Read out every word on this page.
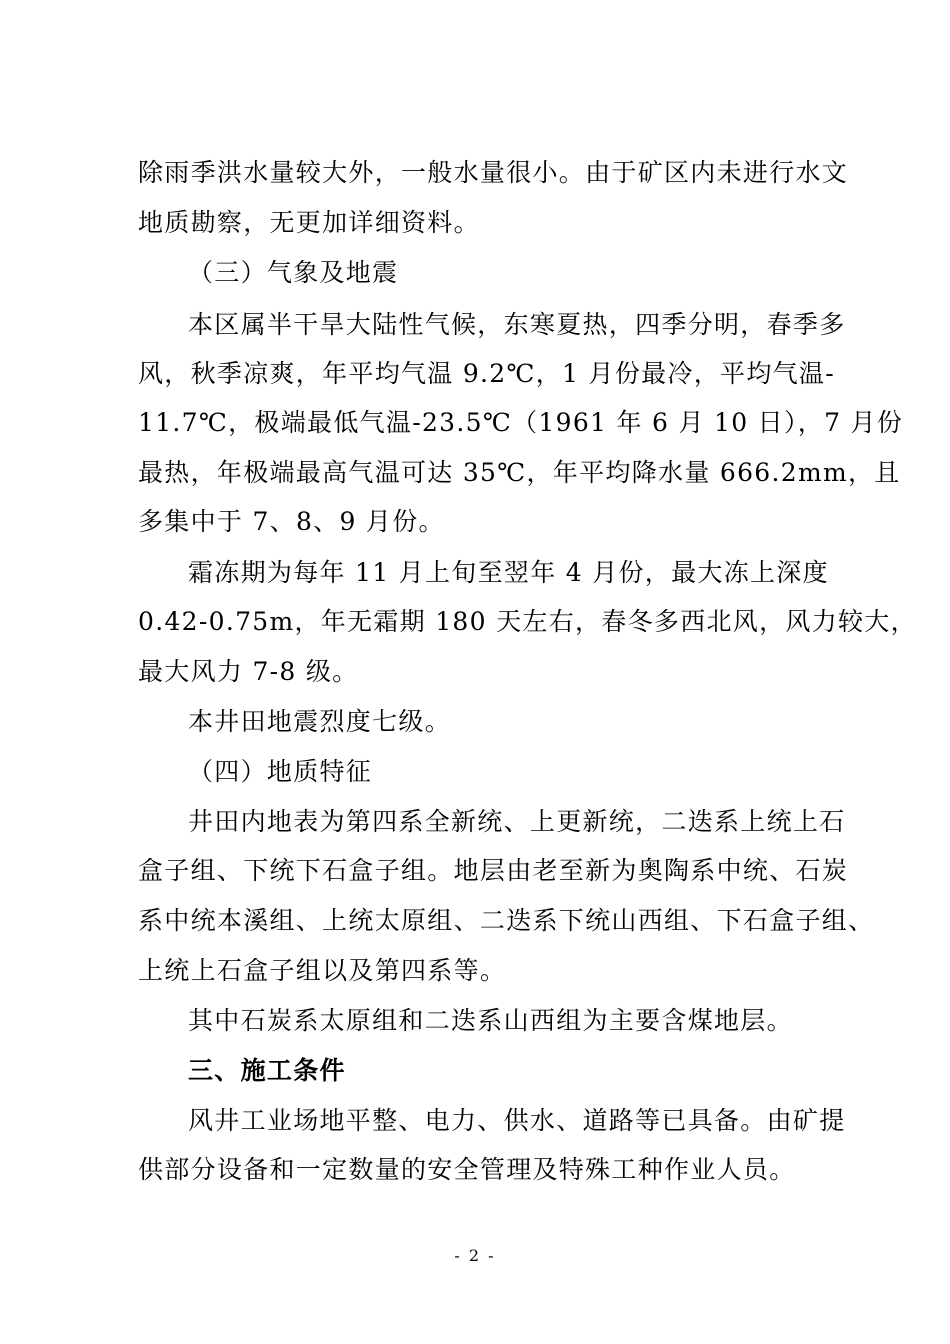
除雨季洪水量较大外，一般水量很小。由于矿区内未进行水文
地质勘察，无更加详细资料。
（三）气象及地震
本区属半干旱大陆性气候，东寒夏热，四季分明，春季多
风，秋季凉爽，年平均气温 9.2℃，1 月份最冷，平均气温-
11.7℃，极端最低气温-23.5℃（1961 年 6 月 10 日），7 月份
最热，年极端最高气温可达 35℃，年平均降水量 666.2mm，且
多集中于 7、8、9 月份。
霜冻期为每年 11 月上旬至翌年 4 月份，最大冻上深度
0.42-0.75m，年无霜期 180 天左右，春冬多西北风，风力较大，
最大风力 7-8 级。
本井田地震烈度七级。
（四）地质特征
井田内地表为第四系全新统、上更新统，二迭系上统上石
盒子组、下统下石盒子组。地层由老至新为奥陶系中统、石炭
系中统本溪组、上统太原组、二迭系下统山西组、下石盒子组、
上统上石盒子组以及第四系等。
其中石炭系太原组和二迭系山西组为主要含煤地层。
三、施工条件
风井工业场地平整、电力、供水、道路等已具备。由矿提
供部分设备和一定数量的安全管理及特殊工种作业人员。
- 2 -
